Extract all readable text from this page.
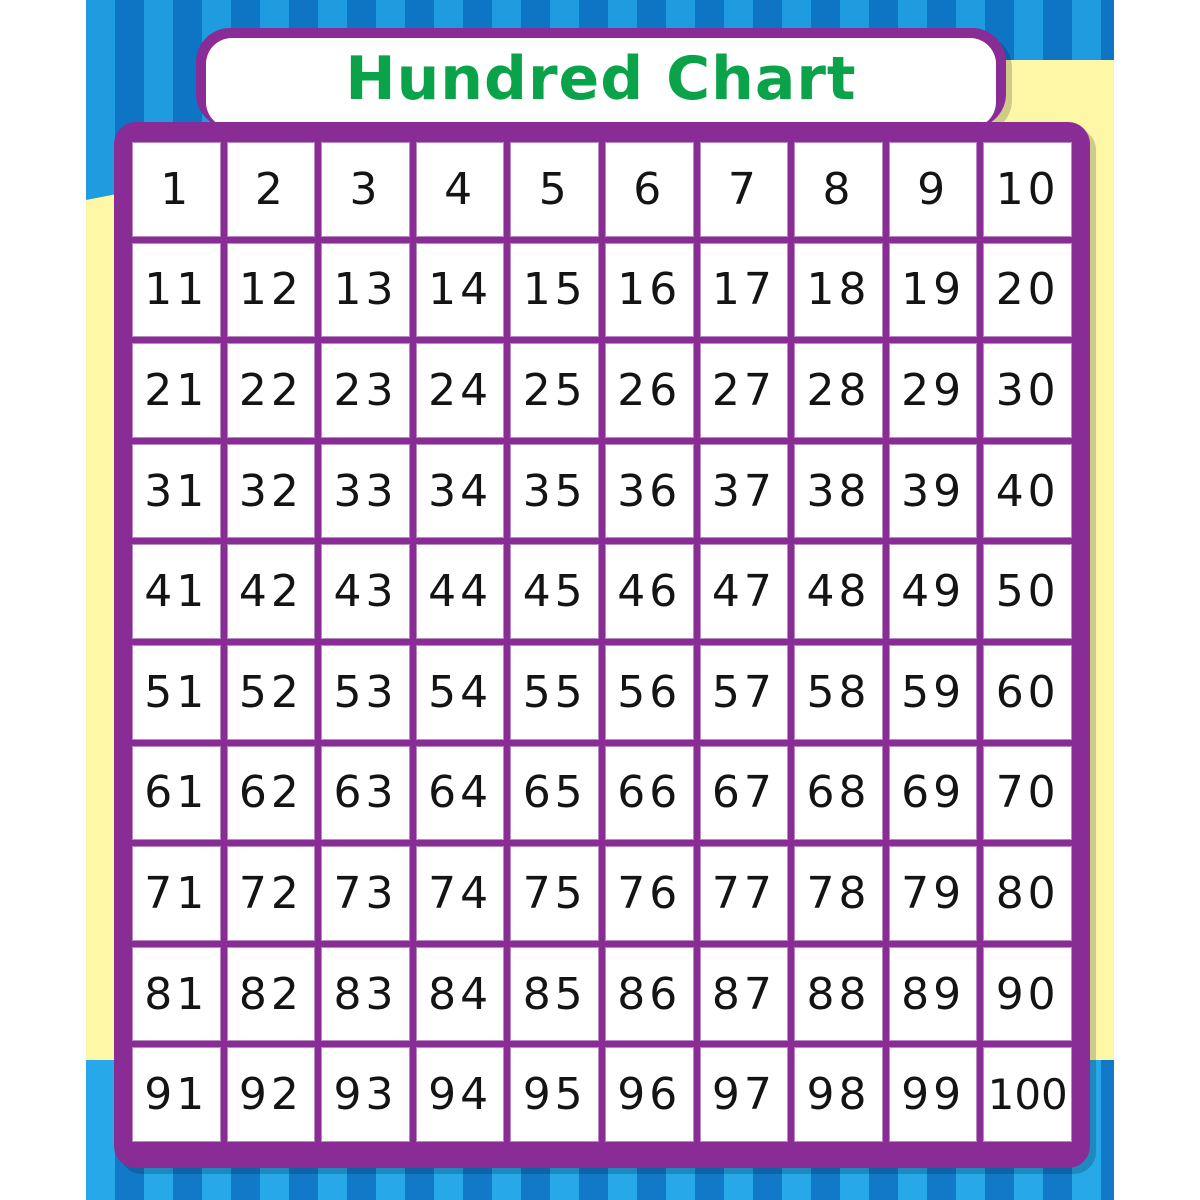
Hundred Chart
1	2	3	4	5	6	7	8	9	10
11 12 13 14 15 16 17 18 19 20
21 22 23 24 25 26 27 28 29 30
31 32 33 34 35 36 37 38 39 40
41 42 43 44 45 46 47 48 49 50
51 52 53 54 55 56 57 58 59 60
61 62 63 64 65 66 67 68 69 70
71 72 73 74 75 76 77 78 79 80
81 82 83 84 85 86 87 88 89 90
91 92 93 94 95 96 97 98 99 100
